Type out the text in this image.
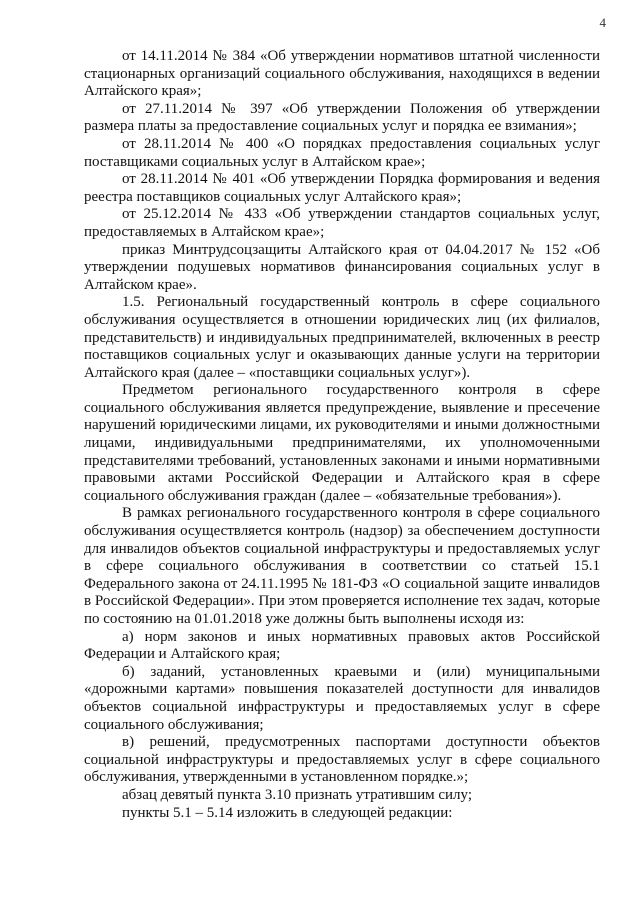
4

от 14.11.2014 № 384 «Об утверждении нормативов штатной численности стационарных организаций социального обслуживания, находящихся в ведении Алтайского края»;

от 27.11.2014 № 397 «Об утверждении Положения об утверждении размера платы за предоставление социальных услуг и порядка ее взимания»;

от 28.11.2014 № 400 «О порядках предоставления социальных услуг поставщиками социальных услуг в Алтайском крае»;

от 28.11.2014 № 401 «Об утверждении Порядка формирования и ведения реестра поставщиков социальных услуг Алтайского края»;

от 25.12.2014 № 433 «Об утверждении стандартов социальных услуг, предоставляемых в Алтайском крае»;

приказ Минтрудсоцзащиты Алтайского края от 04.04.2017 № 152 «Об утверждении подушевых нормативов финансирования социальных услуг в Алтайском крае».

1.5. Региональный государственный контроль в сфере социального обслуживания осуществляется в отношении юридических лиц (их филиалов, представительств) и индивидуальных предпринимателей, включенных в реестр поставщиков социальных услуг и оказывающих данные услуги на территории Алтайского края (далее – «поставщики социальных услуг»).

Предметом регионального государственного контроля в сфере социального обслуживания является предупреждение, выявление и пресечение нарушений юридическими лицами, их руководителями и иными должностными лицами, индивидуальными предпринимателями, их уполномоченными представителями требований, установленных законами и иными нормативными правовыми актами Российской Федерации и Алтайского края в сфере социального обслуживания граждан (далее – «обязательные требования»).

В рамках регионального государственного контроля в сфере социального обслуживания осуществляется контроль (надзор) за обеспечением доступности для инвалидов объектов социальной инфраструктуры и предоставляемых услуг в сфере социального обслуживания в соответствии со статьей 15.1 Федерального закона от 24.11.1995 № 181-ФЗ «О социальной защите инвалидов в Российской Федерации». При этом проверяется исполнение тех задач, которые по состоянию на 01.01.2018 уже должны быть выполнены исходя из:

а) норм законов и иных нормативных правовых актов Российской Федерации и Алтайского края;

б) заданий, установленных краевыми и (или) муниципальными «дорожными картами» повышения показателей доступности для инвалидов объектов социальной инфраструктуры и предоставляемых услуг в сфере социального обслуживания;

в) решений, предусмотренных паспортами доступности объектов социальной инфраструктуры и предоставляемых услуг в сфере социального обслуживания, утвержденными в установленном порядке.»;

абзац девятый пункта 3.10 признать утратившим силу;

пункты 5.1 – 5.14 изложить в следующей редакции:
